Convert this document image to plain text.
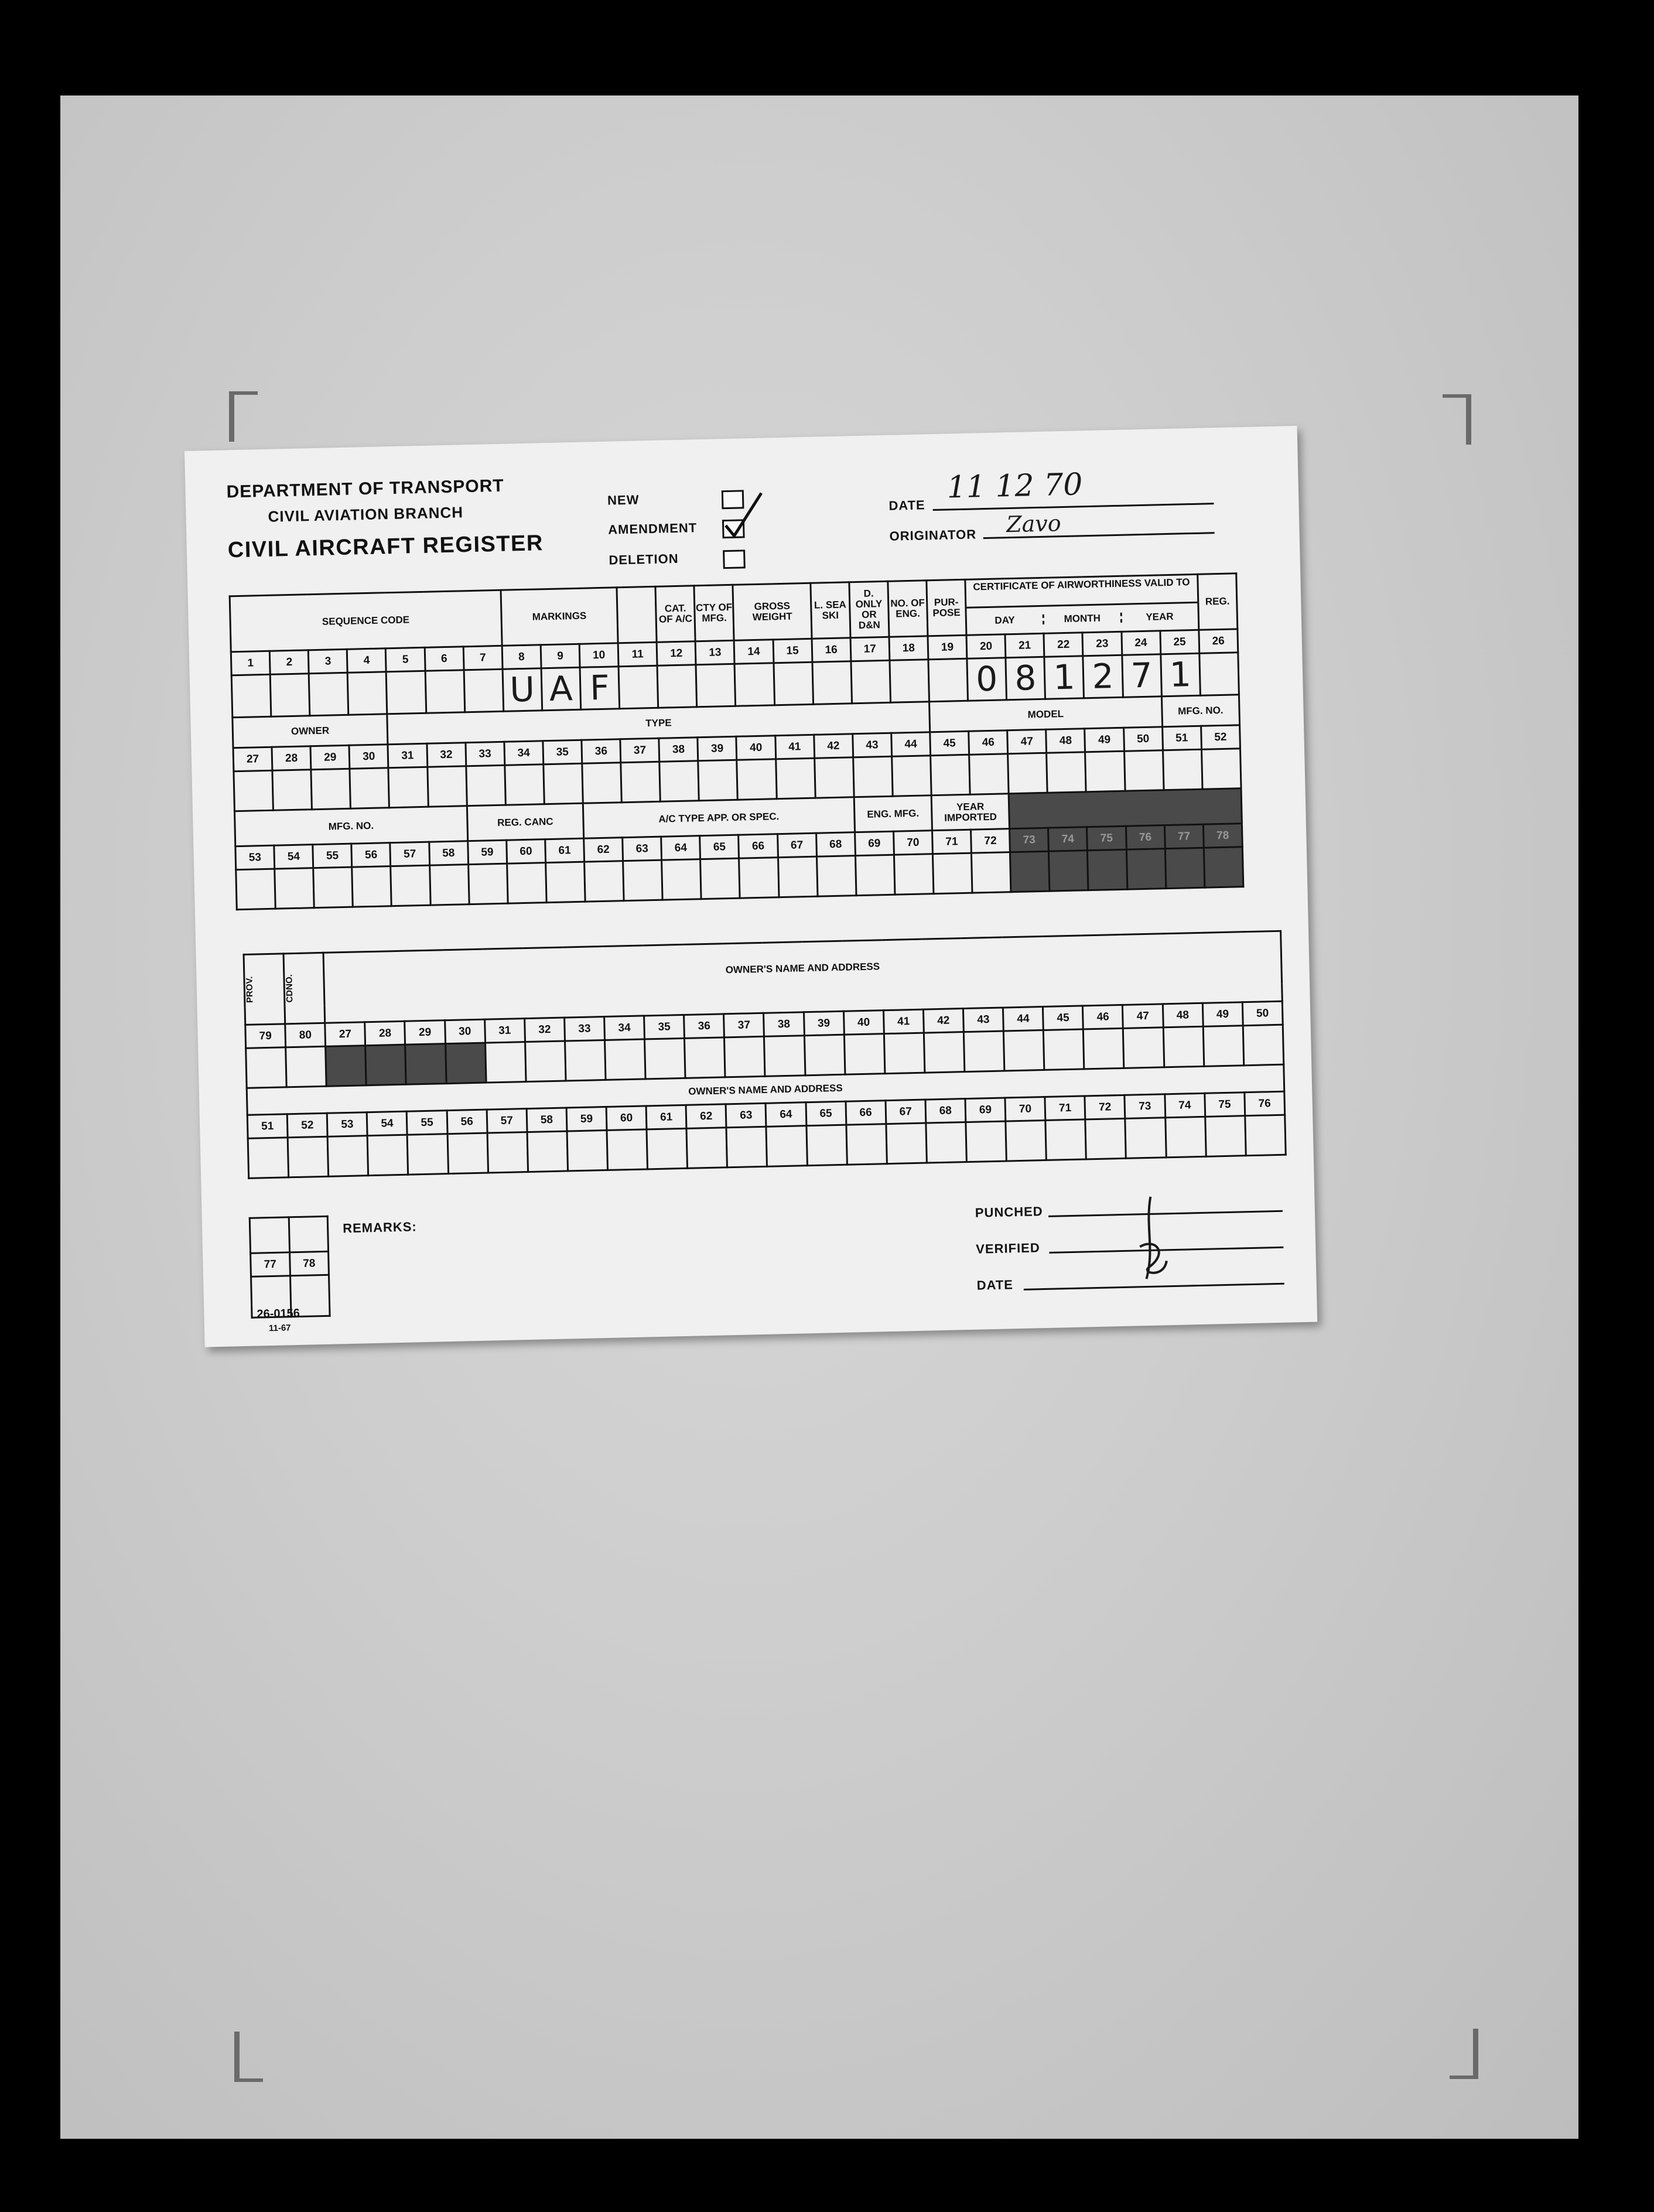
DEPARTMENT OF TRANSPORT
CIVIL AVIATION BRANCH
CIVIL AIRCRAFT REGISTER
NEW
AMENDMENT
DELETION
DATE
11 12 70
ORIGINATOR Zavo
SEQUENCE CODE							MARKINGS				CAT. OF A/C	CTY OF MFG.	GROSS WEIGHT		L. SEA SKI	D. ONLY OR D&N	NO. OF ENG.	PUR-POSE	CERTIFICATE OF AIRWORTHINESS VALID TO
DAY MONTH YEAR						REG.
1	2	3	4	5	6	7	8	9	10	11	12	13	14	15	16	17	18	19	20	21	22	23	24	25	26
							U	A	F										0	8	1	2	7	1	
OWNER				TYPE														MODEL						MFG. NO.	
27	28	29	30	31	32	33	34	35	36	37	38	39	40	41	42	43	44	45	46	47	48	49	50	51	52

MFG. NO.						REG. CANC			A/C TYPE APP. OR SPEC.							ENG. MFG.		YEAR IMPORTED							
53	54	55	56	57	58	59	60	61	62	63	64	65	66	67	68	69	70	71	72	73	74	75	76	77	78

PROV.	CDNO.	OWNER'S NAME AND ADDRESS																							

79	80	27	28	29	30	31	32	33	34	35	36	37	38	39	40	41	42	43	44	45	46	47	48	49	50

OWNER'S NAME AND ADDRESS																									
51	52	53	54	55	56	57	58	59	60	61	62	63	64	65	66	67	68	69	70	71	72	73	74	75	76

77	78

REMARKS:
PUNCHED
VERIFIED
DATE
26-0156
11-67
